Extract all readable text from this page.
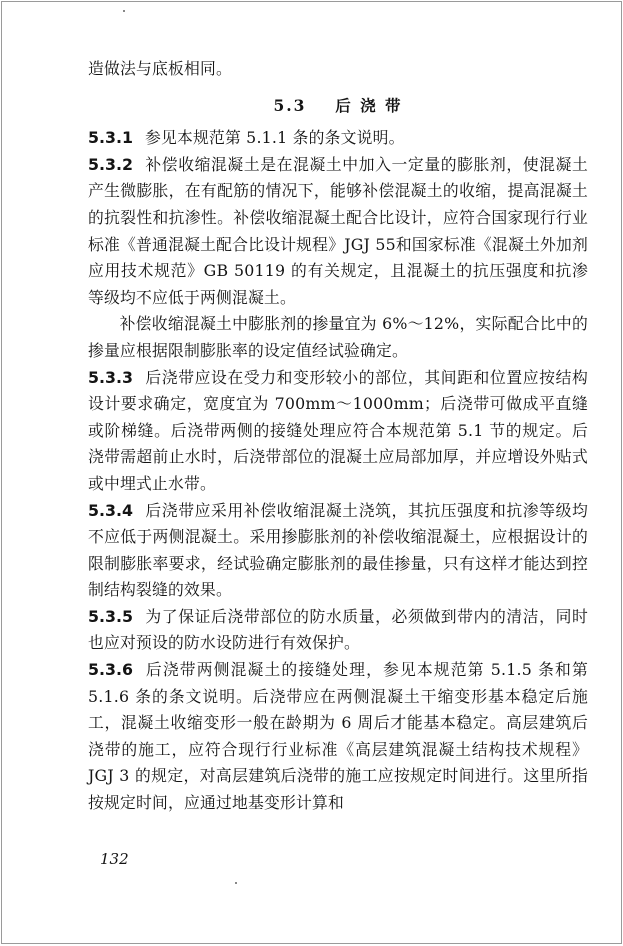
造做法与底板相同。

5.3 后 浇 带

5.3.1 参见本规范第 5.1.1 条的条文说明。

5.3.2 补偿收缩混凝土是在混凝土中加入一定量的膨胀剂，使混凝土产生微膨胀，在有配筋的情况下，能够补偿混凝土的收缩，提高混凝土的抗裂性和抗渗性。补偿收缩混凝土配合比设计，应符合国家现行行业标准《普通混凝土配合比设计规程》JGJ 55和国家标准《混凝土外加剂应用技术规范》GB 50119 的有关规定，且混凝土的抗压强度和抗渗等级均不应低于两侧混凝土。

补偿收缩混凝土中膨胀剂的掺量宜为 6%～12%，实际配合比中的掺量应根据限制膨胀率的设定值经试验确定。

5.3.3 后浇带应设在受力和变形较小的部位，其间距和位置应按结构设计要求确定，宽度宜为 700mm～1000mm；后浇带可做成平直缝或阶梯缝。后浇带两侧的接缝处理应符合本规范第 5.1 节的规定。后浇带需超前止水时，后浇带部位的混凝土应局部加厚，并应增设外贴式或中埋式止水带。

5.3.4 后浇带应采用补偿收缩混凝土浇筑，其抗压强度和抗渗等级均不应低于两侧混凝土。采用掺膨胀剂的补偿收缩混凝土，应根据设计的限制膨胀率要求，经试验确定膨胀剂的最佳掺量，只有这样才能达到控制结构裂缝的效果。

5.3.5 为了保证后浇带部位的防水质量，必须做到带内的清洁，同时也应对预设的防水设防进行有效保护。

5.3.6 后浇带两侧混凝土的接缝处理，参见本规范第 5.1.5 条和第 5.1.6 条的条文说明。后浇带应在两侧混凝土干缩变形基本稳定后施工，混凝土收缩变形一般在龄期为 6 周后才能基本稳定。高层建筑后浇带的施工，应符合现行行业标准《高层建筑混凝土结构技术规程》JGJ 3 的规定，对高层建筑后浇带的施工应按规定时间进行。这里所指按规定时间，应通过地基变形计算和

132
